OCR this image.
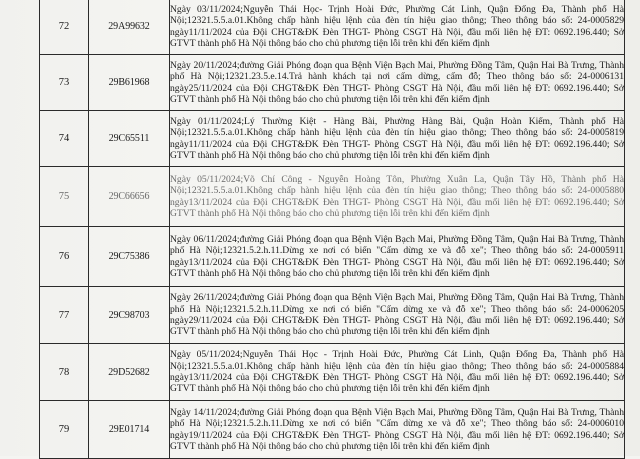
72	29A99632	Ngày 03/11/2024;Nguyễn Thái Học- Trịnh Hoài Đức, Phường Cát Linh, Quận Đống Đa, Thành phố Hà Nội;12321.5.5.a.01.Không chấp hành hiệu lệnh của đèn tín hiệu giao thông; Theo thông báo số: 24-0005829 ngày11/11/2024 của Đội CHGT&ĐK Đèn THGT- Phòng CSGT Hà Nội, đầu mối liên hệ ĐT: 0692.196.440; Sở GTVT thành phố Hà Nội thông báo cho chủ phương tiện lỗi trên khi đến kiểm định
73	29B61968	Ngày 20/11/2024;đường Giải Phóng đoạn qua Bệnh Viện Bạch Mai, Phường Đồng Tâm, Quận Hai Bà Trưng, Thành phố Hà Nội;12321.23.5.e.14.Trả hành khách tại nơi cấm dừng, cấm đỗ; Theo thông báo số: 24-0006131 ngày25/11/2024 của Đội CHGT&ĐK Đèn THGT- Phòng CSGT Hà Nội, đầu mối liên hệ ĐT: 0692.196.440; Sở GTVT thành phố Hà Nội thông báo cho chủ phương tiện lỗi trên khi đến kiểm định
74	29C65511	Ngày 01/11/2024;Lý Thường Kiệt - Hàng Bài, Phường Hàng Bài, Quận Hoàn Kiếm, Thành phố Hà Nội;12321.5.5.a.01.Không chấp hành hiệu lệnh của đèn tín hiệu giao thông; Theo thông báo số: 24-0005819 ngày11/11/2024 của Đội CHGT&ĐK Đèn THGT- Phòng CSGT Hà Nội, đầu mối liên hệ ĐT: 0692.196.440; Sở GTVT thành phố Hà Nội thông báo cho chủ phương tiện lỗi trên khi đến kiểm định
75	29C66656	Ngày 05/11/2024;Võ Chí Công - Nguyễn Hoàng Tôn, Phường Xuân La, Quận Tây Hồ, Thành phố Hà Nội;12321.5.5.a.01.Không chấp hành hiệu lệnh của đèn tín hiệu giao thông; Theo thông báo số: 24-0005880 ngày13/11/2024 của Đội CHGT&ĐK Đèn THGT- Phòng CSGT Hà Nội, đầu mối liên hệ ĐT: 0692.196.440; Sở GTVT thành phố Hà Nội thông báo cho chủ phương tiện lỗi trên khi đến kiểm định
76	29C75386	Ngày 06/11/2024;đường Giải Phóng đoạn qua Bệnh Viện Bạch Mai, Phường Đồng Tâm, Quận Hai Bà Trưng, Thành phố Hà Nội;12321.5.2.h.11.Dừng xe nơi có biển "Cấm dừng xe và đỗ xe"; Theo thông báo số: 24-0005911 ngày13/11/2024 của Đội CHGT&ĐK Đèn THGT- Phòng CSGT Hà Nội, đầu mối liên hệ ĐT: 0692.196.440; Sở GTVT thành phố Hà Nội thông báo cho chủ phương tiện lỗi trên khi đến kiểm định
77	29C98703	Ngày 26/11/2024;đường Giải Phóng đoạn qua Bệnh Viện Bạch Mai, Phường Đồng Tâm, Quận Hai Bà Trưng, Thành phố Hà Nội;12321.5.2.h.11.Dừng xe nơi có biển "Cấm dừng xe và đỗ xe"; Theo thông báo số: 24-0006205 ngày29/11/2024 của Đội CHGT&ĐK Đèn THGT- Phòng CSGT Hà Nội, đầu mối liên hệ ĐT: 0692.196.440; Sở GTVT thành phố Hà Nội thông báo cho chủ phương tiện lỗi trên khi đến kiểm định
78	29D52682	Ngày 05/11/2024;Nguyễn Thái Học - Trịnh Hoài Đức, Phường Cát Linh, Quận Đống Đa, Thành phố Hà Nội;12321.5.5.a.01.Không chấp hành hiệu lệnh của đèn tín hiệu giao thông; Theo thông báo số: 24-0005884 ngày13/11/2024 của Đội CHGT&ĐK Đèn THGT- Phòng CSGT Hà Nội, đầu mối liên hệ ĐT: 0692.196.440; Sở GTVT thành phố Hà Nội thông báo cho chủ phương tiện lỗi trên khi đến kiểm định
79	29E01714	Ngày 14/11/2024;đường Giải Phóng đoạn qua Bệnh Viện Bạch Mai, Phường Đồng Tâm, Quận Hai Bà Trưng, Thành phố Hà Nội;12321.5.2.h.11.Dừng xe nơi có biển "Cấm dừng xe và đỗ xe"; Theo thông báo số: 24-0006010 ngày19/11/2024 của Đội CHGT&ĐK Đèn THGT- Phòng CSGT Hà Nội, đầu mối liên hệ ĐT: 0692.196.440; Sở GTVT thành phố Hà Nội thông báo cho chủ phương tiện lỗi trên khi đến kiểm định
